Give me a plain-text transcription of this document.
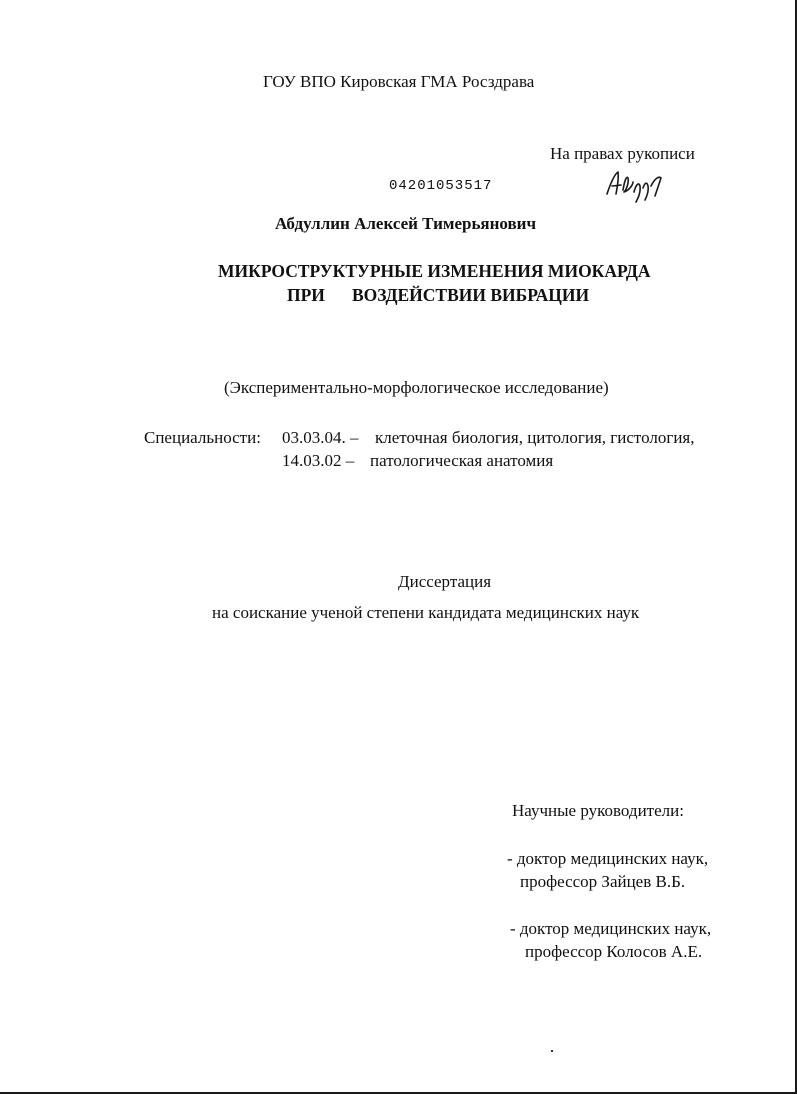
ГОУ ВПО Кировская ГМА Росздрава
На правах рукописи
04201053517
Абдуллин Алексей Тимерьянович
МИКРОСТРУКТУРНЫЕ ИЗМЕНЕНИЯ МИОКАРДА
ПРИ ВОЗДЕЙСТВИИ ВИБРАЦИИ
(Экспериментально-морфологическое исследование)
Специальности: 03.03.04. – клеточная биология, цитология, гистология,
14.03.02 – патологическая анатомия
Диссертация
на соискание ученой степени кандидата медицинских наук
Научные руководители:
- доктор медицинских наук,
профессор Зайцев В.Б.
- доктор медицинских наук,
профессор Колосов А.Е.
